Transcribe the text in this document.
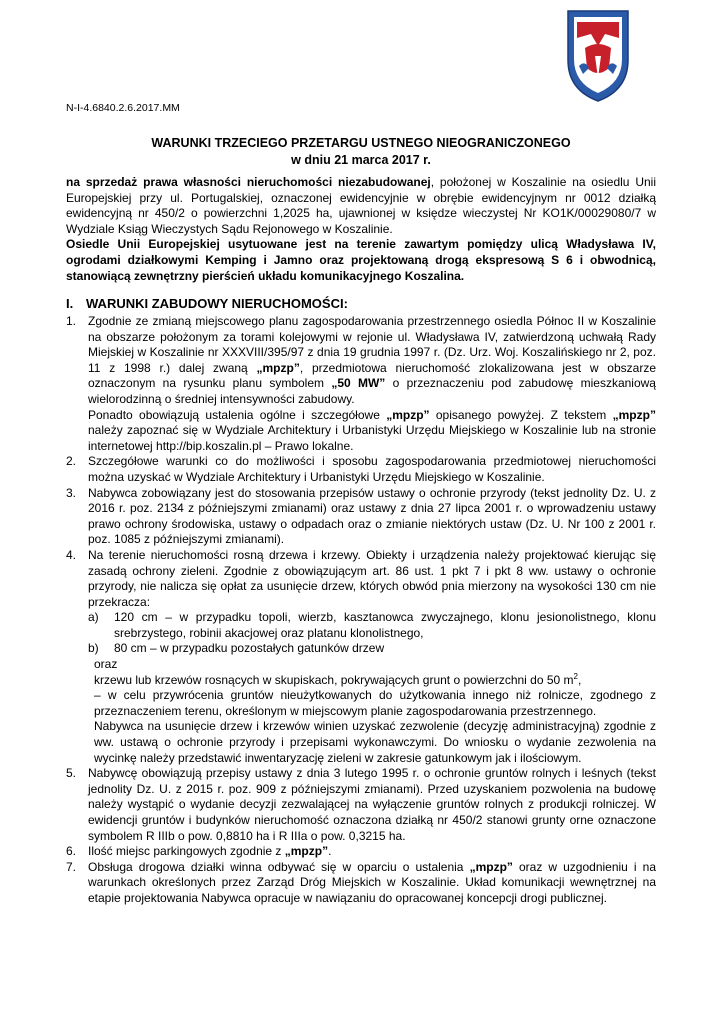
N-I-4.6840.2.6.2017.MM
WARUNKI TRZECIEGO PRZETARGU USTNEGO NIEOGRANICZONEGO
w dniu 21 marca 2017 r.

na sprzedaż prawa własności nieruchomości niezabudowanej, położonej w Koszalinie na osiedlu Unii Europejskiej przy ul. Portugalskiej, oznaczonej ewidencyjnie w obrębie ewidencyjnym nr 0012 działką ewidencyjną nr 450/2 o powierzchni 1,2025 ha, ujawnionej w księdze wieczystej Nr KO1K/00029080/7 w Wydziale Ksiąg Wieczystych Sądu Rejonowego w Koszalinie.

Osiedle Unii Europejskiej usytuowane jest na terenie zawartym pomiędzy ulicą Władysława IV, ogrodami działkowymi Kemping i Jamno oraz projektowaną drogą ekspresową S 6 i obwodnicą, stanowiącą zewnętrzny pierścień układu komunikacyjnego Koszalina.

I. WARUNKI ZABUDOWY NIERUCHOMOŚCI:
1. Zgodnie ze zmianą miejscowego planu zagospodarowania przestrzennego osiedla Północ II w Koszalinie na obszarze położonym za torami kolejowymi w rejonie ul. Władysława IV, zatwierdzoną uchwałą Rady Miejskiej w Koszalinie nr XXXVIII/395/97 z dnia 19 grudnia 1997 r. (Dz. Urz. Woj. Koszalińskiego nr 2, poz. 11 z 1998 r.) dalej zwaną „mpzp”, przedmiotowa nieruchomość zlokalizowana jest w obszarze oznaczonym na rysunku planu symbolem „50 MW” o przeznaczeniu pod zabudowę mieszkaniową wielorodzinną o średniej intensywności zabudowy.

Ponadto obowiązują ustalenia ogólne i szczegółowe „mpzp” opisanego powyżej. Z tekstem „mpzp” należy zapoznać się w Wydziale Architektury i Urbanistyki Urzędu Miejskiego w Koszalinie lub na stronie internetowej http://bip.koszalin.pl – Prawo lokalne.

2. Szczegółowe warunki co do możliwości i sposobu zagospodarowania przedmiotowej nieruchomości można uzyskać w Wydziale Architektury i Urbanistyki Urzędu Miejskiego w Koszalinie.

3. Nabywca zobowiązany jest do stosowania przepisów ustawy o ochronie przyrody (tekst jednolity Dz. U. z 2016 r. poz. 2134 z późniejszymi zmianami) oraz ustawy z dnia 27 lipca 2001 r. o wprowadzeniu ustawy prawo ochrony środowiska, ustawy o odpadach oraz o zmianie niektórych ustaw (Dz. U. Nr 100 z 2001 r. poz. 1085 z późniejszymi zmianami).

4. Na terenie nieruchomości rosną drzewa i krzewy. Obiekty i urządzenia należy projektować kierując się zasadą ochrony zieleni. Zgodnie z obowiązującym art. 86 ust. 1 pkt 7 i pkt 8 ww. ustawy o ochronie przyrody, nie nalicza się opłat za usunięcie drzew, których obwód pnia mierzony na wysokości 130 cm nie przekracza:

a) 120 cm – w przypadku topoli, wierzb, kasztanowca zwyczajnego, klonu jesionolistnego, klonu srebrzystego, robinii akacjowej oraz platanu klonolistnego,

b) 80 cm – w przypadku pozostałych gatunków drzew

oraz

krzewu lub krzewów rosnących w skupiskach, pokrywających grunt o powierzchni do 50 $m^2$,

– w celu przywrócenia gruntów nieużytkowanych do użytkowania innego niż rolnicze, zgodnego z przeznaczeniem terenu, określonym w miejscowym planie zagospodarowania przestrzennego.

Nabywca na usunięcie drzew i krzewów winien uzyskać zezwolenie (decyzję administracyjną) zgodnie z ww. ustawą o ochronie przyrody i przepisami wykonawczymi. Do wniosku o wydanie zezwolenia na wycinkę należy przedstawić inwentaryzację zieleni w zakresie gatunkowym jak i ilościowym.

5. Nabywcę obowiązują przepisy ustawy z dnia 3 lutego 1995 r. o ochronie gruntów rolnych i leśnych (tekst jednolity Dz. U. z 2015 r. poz. 909 z późniejszymi zmianami). Przed uzyskaniem pozwolenia na budowę należy wystąpić o wydanie decyzji zezwalającej na wyłączenie gruntów rolnych z produkcji rolniczej. W ewidencji gruntów i budynków nieruchomość oznaczona działką nr 450/2 stanowi grunty orne oznaczone symbolem R IIIb o pow. 0,8810 ha i R IIIa o pow. 0,3215 ha.

6. Ilość miejsc parkingowych zgodnie z „mpzp”.

7. Obsługa drogowa działki winna odbywać się w oparciu o ustalenia „mpzp” oraz w uzgodnieniu i na warunkach określonych przez Zarząd Dróg Miejskich w Koszalinie. Układ komunikacji wewnętrznej na etapie projektowania Nabywca opracuje w nawiązaniu do opracowanej koncepcji drogi publicznej.
